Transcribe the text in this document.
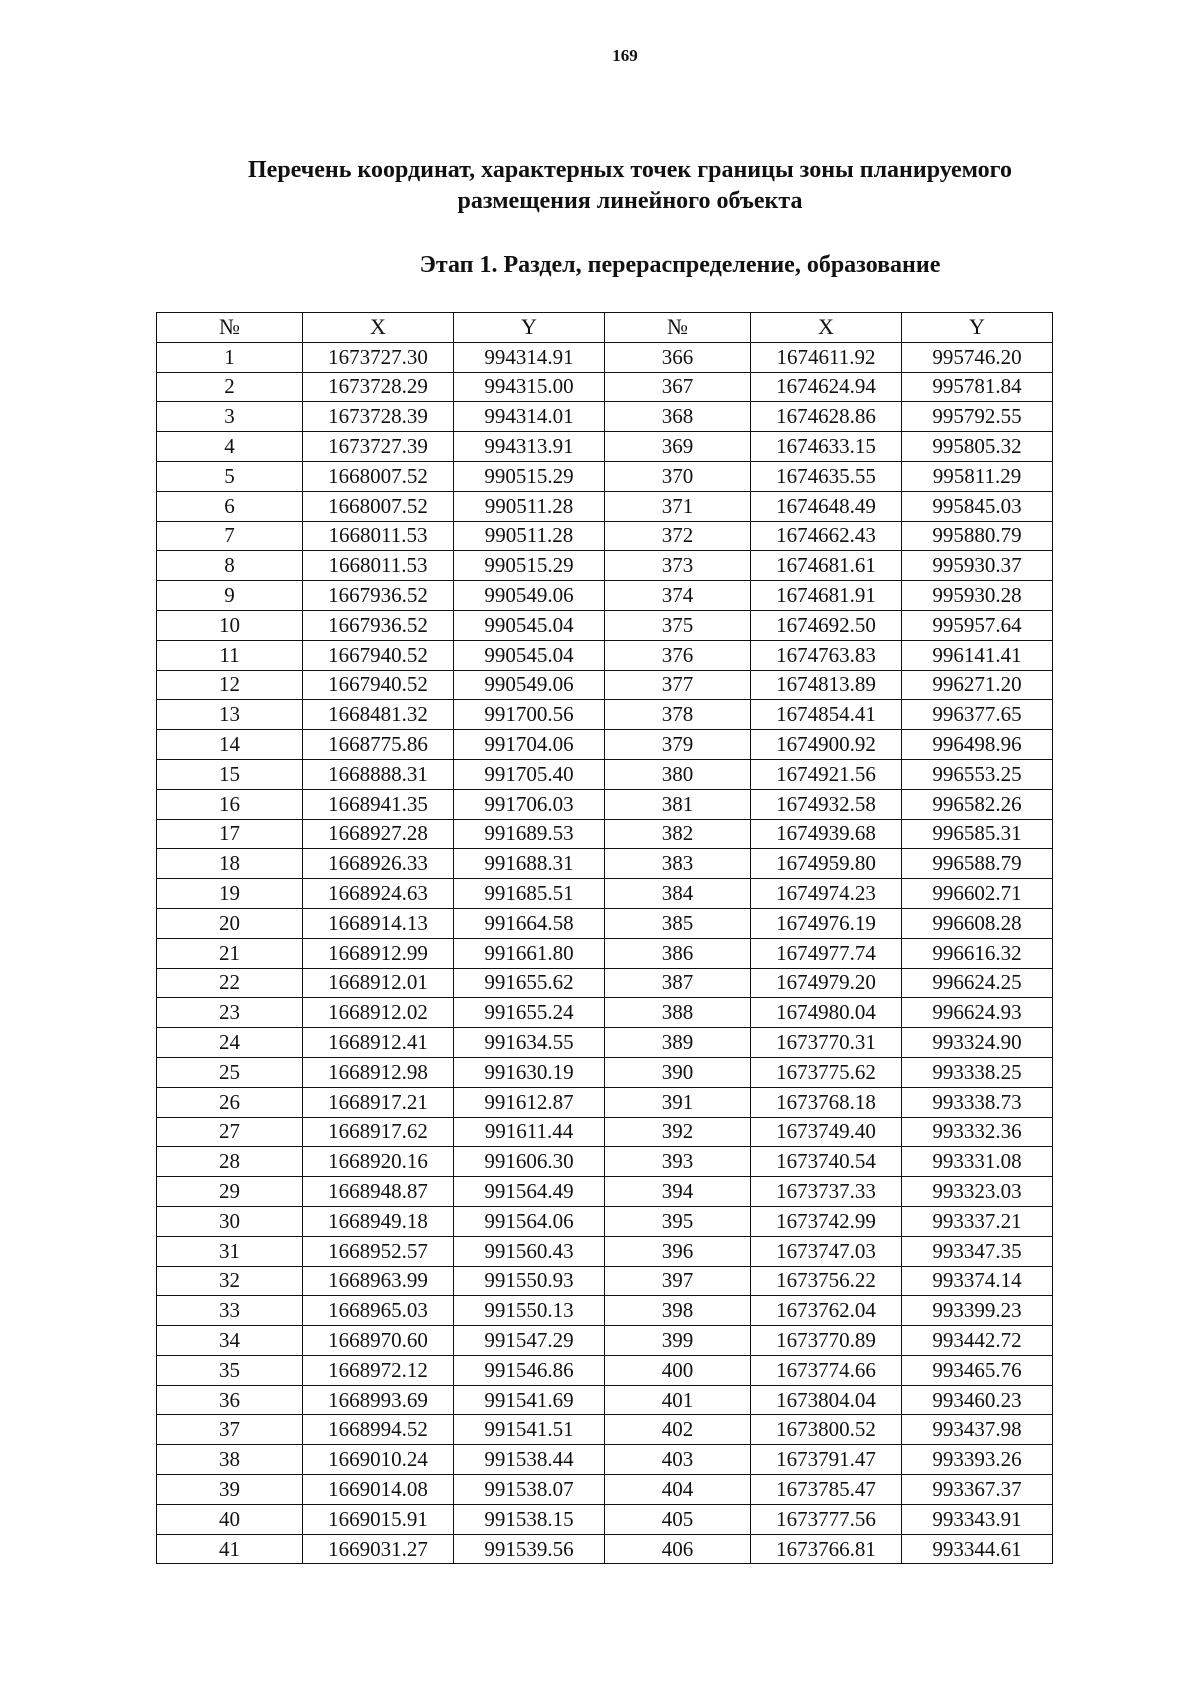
169
Перечень координат, характерных точек границы зоны планируемого
размещения линейного объекта
Этап 1. Раздел, перераспределение, образование
№	X	Y	№	X	Y
1	1673727.30	994314.91	366	1674611.92	995746.20
2	1673728.29	994315.00	367	1674624.94	995781.84
3	1673728.39	994314.01	368	1674628.86	995792.55
4	1673727.39	994313.91	369	1674633.15	995805.32
5	1668007.52	990515.29	370	1674635.55	995811.29
6	1668007.52	990511.28	371	1674648.49	995845.03
7	1668011.53	990511.28	372	1674662.43	995880.79
8	1668011.53	990515.29	373	1674681.61	995930.37
9	1667936.52	990549.06	374	1674681.91	995930.28
10	1667936.52	990545.04	375	1674692.50	995957.64
11	1667940.52	990545.04	376	1674763.83	996141.41
12	1667940.52	990549.06	377	1674813.89	996271.20
13	1668481.32	991700.56	378	1674854.41	996377.65
14	1668775.86	991704.06	379	1674900.92	996498.96
15	1668888.31	991705.40	380	1674921.56	996553.25
16	1668941.35	991706.03	381	1674932.58	996582.26
17	1668927.28	991689.53	382	1674939.68	996585.31
18	1668926.33	991688.31	383	1674959.80	996588.79
19	1668924.63	991685.51	384	1674974.23	996602.71
20	1668914.13	991664.58	385	1674976.19	996608.28
21	1668912.99	991661.80	386	1674977.74	996616.32
22	1668912.01	991655.62	387	1674979.20	996624.25
23	1668912.02	991655.24	388	1674980.04	996624.93
24	1668912.41	991634.55	389	1673770.31	993324.90
25	1668912.98	991630.19	390	1673775.62	993338.25
26	1668917.21	991612.87	391	1673768.18	993338.73
27	1668917.62	991611.44	392	1673749.40	993332.36
28	1668920.16	991606.30	393	1673740.54	993331.08
29	1668948.87	991564.49	394	1673737.33	993323.03
30	1668949.18	991564.06	395	1673742.99	993337.21
31	1668952.57	991560.43	396	1673747.03	993347.35
32	1668963.99	991550.93	397	1673756.22	993374.14
33	1668965.03	991550.13	398	1673762.04	993399.23
34	1668970.60	991547.29	399	1673770.89	993442.72
35	1668972.12	991546.86	400	1673774.66	993465.76
36	1668993.69	991541.69	401	1673804.04	993460.23
37	1668994.52	991541.51	402	1673800.52	993437.98
38	1669010.24	991538.44	403	1673791.47	993393.26
39	1669014.08	991538.07	404	1673785.47	993367.37
40	1669015.91	991538.15	405	1673777.56	993343.91
41	1669031.27	991539.56	406	1673766.81	993344.61
